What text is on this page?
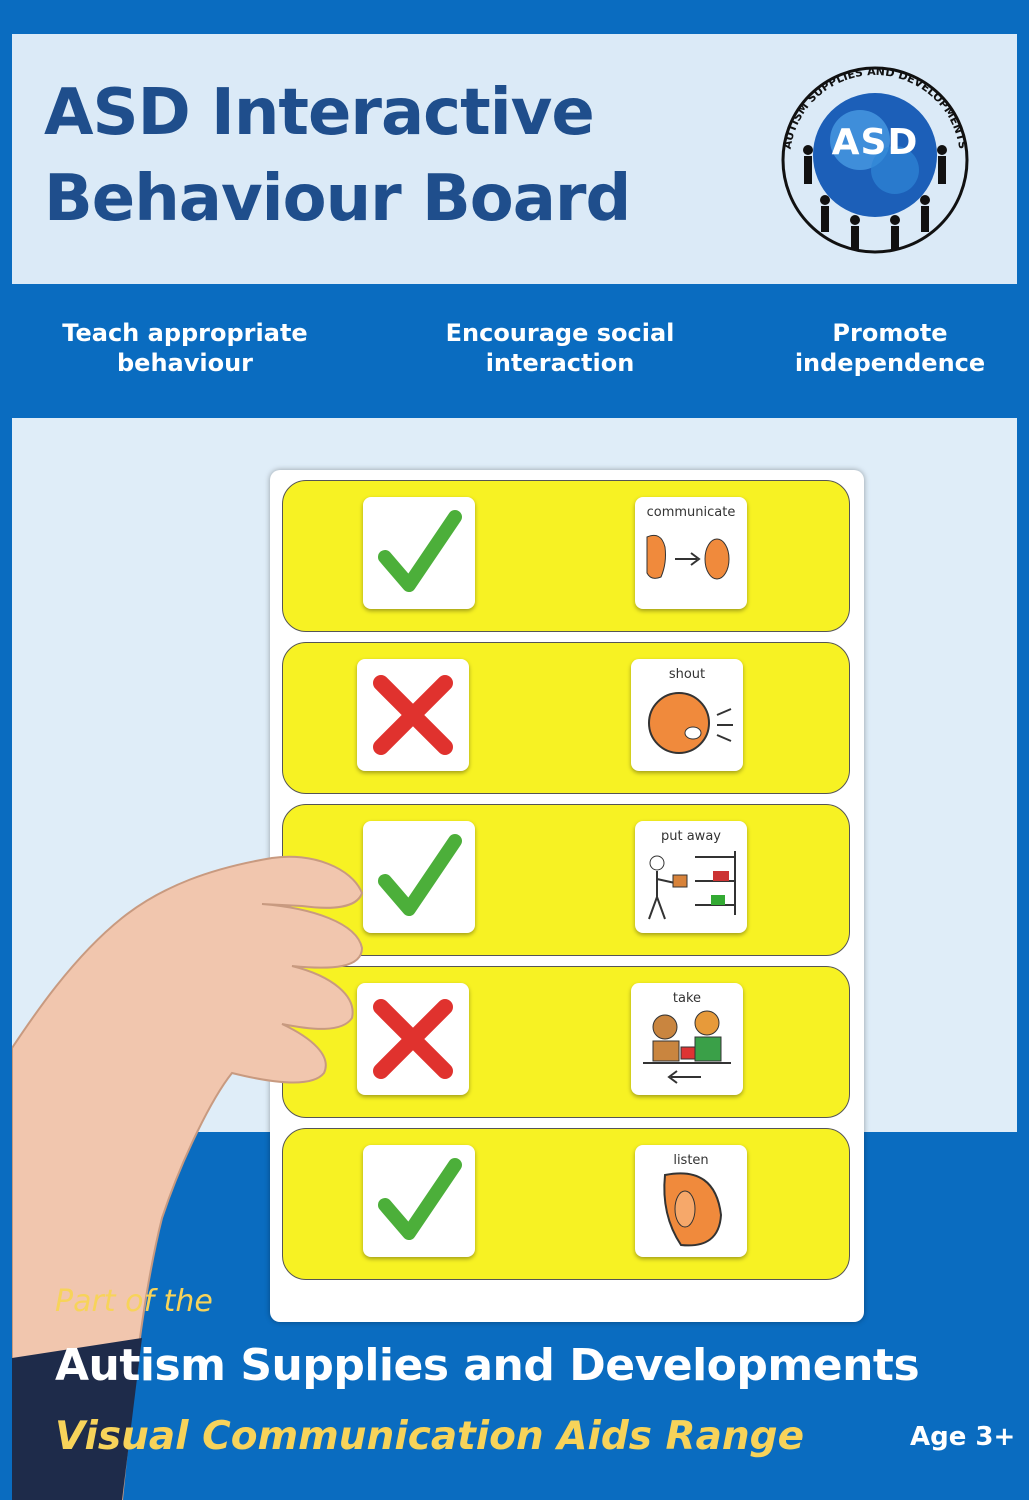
ASD Interactive
Behaviour Board
AUTISM SUPPLIES AND DEVELOPMENTS
ASD
Teach appropriate
behaviour
Encourage social
interaction
Promote
independence
communicate
shout
put away
take
listen
Part of the
Autism Supplies and Developments
Visual Communication Aids Range	Age 3+
